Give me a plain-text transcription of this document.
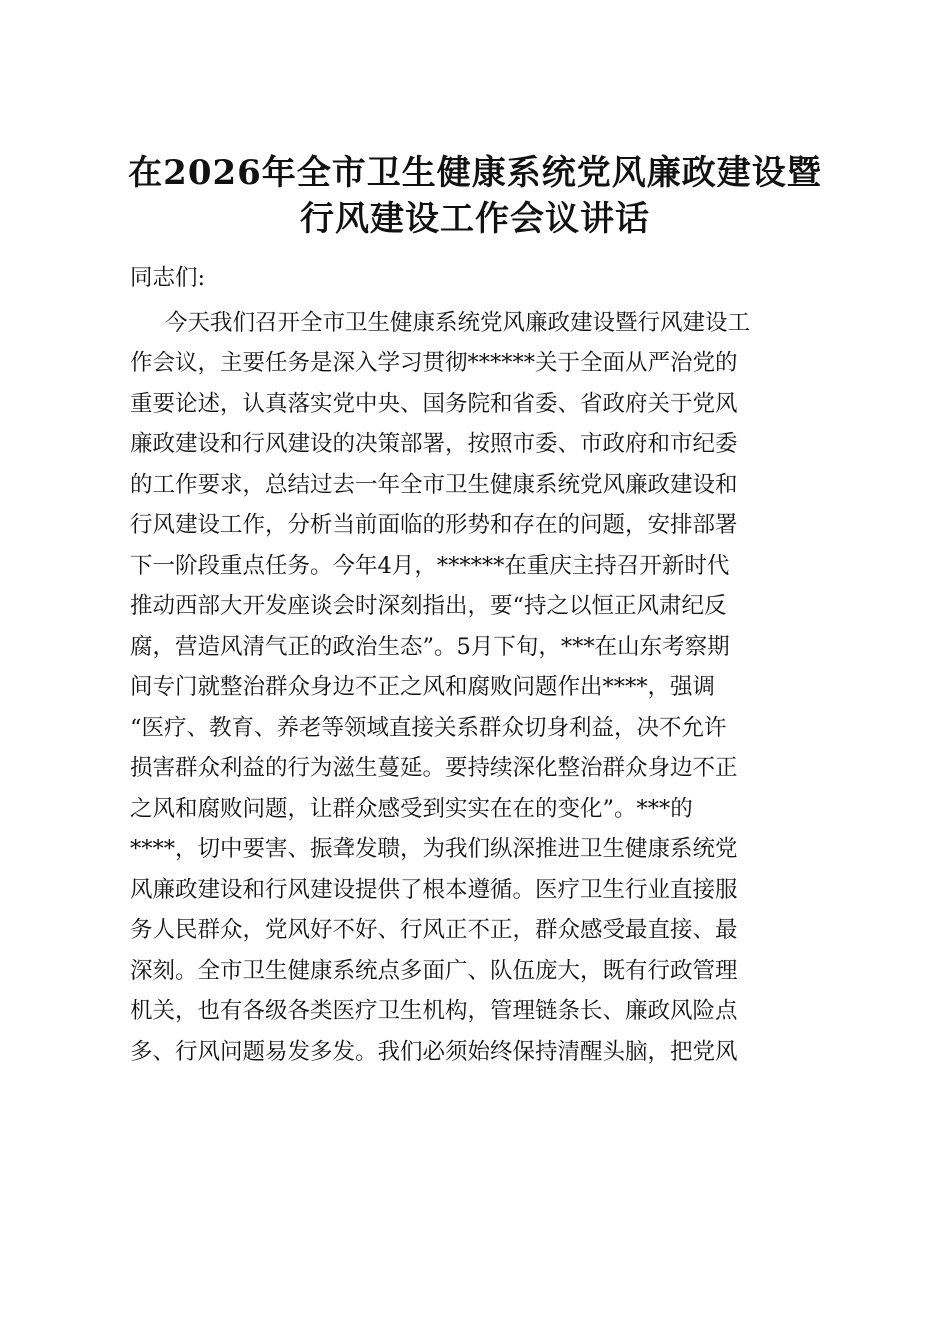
在2026年全市卫生健康系统党风廉政建设暨
行风建设工作会议讲话
同志们:
今天我们召开全市卫生健康系统党风廉政建设暨行风建设工
作会议，主要任务是深入学习贯彻******关于全面从严治党的
重要论述，认真落实党中央、国务院和省委、省政府关于党风
廉政建设和行风建设的决策部署，按照市委、市政府和市纪委
的工作要求，总结过去一年全市卫生健康系统党风廉政建设和
行风建设工作，分析当前面临的形势和存在的问题，安排部署
下一阶段重点任务。今年4月，******在重庆主持召开新时代
推动西部大开发座谈会时深刻指出，要“持之以恒正风肃纪反
腐，营造风清气正的政治生态”。5月下旬，***在山东考察期
间专门就整治群众身边不正之风和腐败问题作出****，强调
“医疗、教育、养老等领域直接关系群众切身利益，决不允许
损害群众利益的行为滋生蔓延。要持续深化整治群众身边不正
之风和腐败问题，让群众感受到实实在在的变化”。***的
****，切中要害、振聋发聩，为我们纵深推进卫生健康系统党
风廉政建设和行风建设提供了根本遵循。医疗卫生行业直接服
务人民群众，党风好不好、行风正不正，群众感受最直接、最
深刻。全市卫生健康系统点多面广、队伍庞大，既有行政管理
机关，也有各级各类医疗卫生机构，管理链条长、廉政风险点
多、行风问题易发多发。我们必须始终保持清醒头脑，把党风
